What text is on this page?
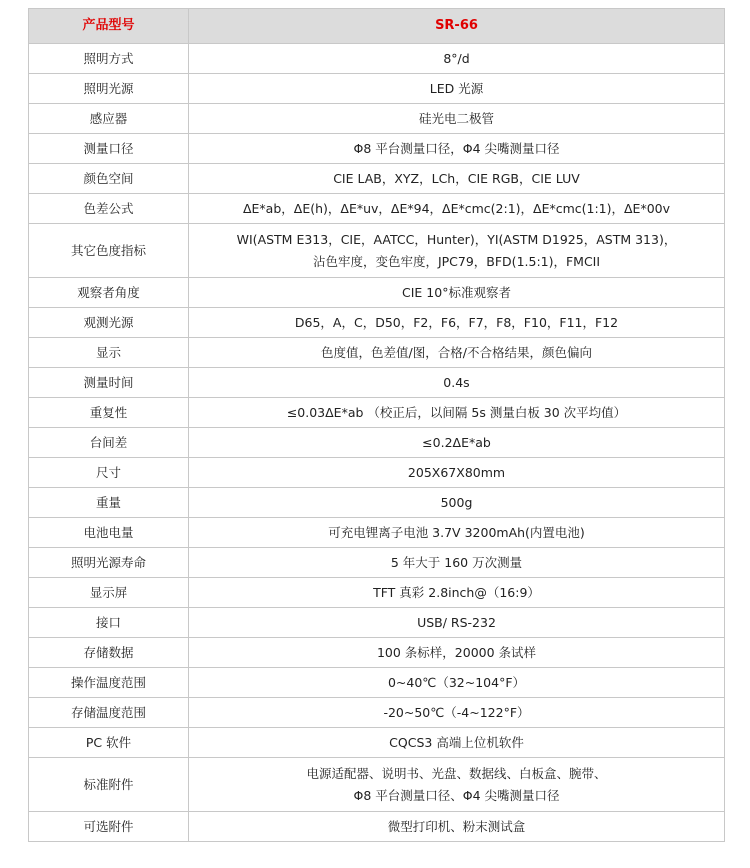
产品型号	SR-66
照明方式	8°/d

照明光源	LED 光源

感应器	硅光电二极管

测量口径	Φ8 平台测量口径，Φ4 尖嘴测量口径

颜色空间	CIE LAB，XYZ，LCh，CIE RGB，CIE LUV

色差公式	ΔE*ab，ΔE(h)，ΔE*uv，ΔE*94，ΔE*cmc(2:1)，ΔE*cmc(1:1)，ΔE*00v

其它色度指标	WI(ASTM E313，CIE，AATCC，Hunter)，YI(ASTM D1925，ASTM 313)，
沾色牢度，变色牢度，JPC79，BFD(1.5:1)，FMCII

观察者角度	CIE 10°标准观察者

观测光源	D65，A，C，D50，F2，F6，F7，F8，F10，F11，F12

显示	色度值，色差值/图，合格/不合格结果，颜色偏向

测量时间	0.4s

重复性	≤0.03ΔE*ab （校正后，以间隔 5s 测量白板 30 次平均值）

台间差	≤0.2ΔE*ab

尺寸	205X67X80mm

重量	500g

电池电量	可充电锂离子电池 3.7V 3200mAh(内置电池)

照明光源寿命	5 年大于 160 万次测量

显示屏	TFT 真彩 2.8inch@（16:9）

接口	USB/ RS-232

存储数据	100 条标样，20000 条试样

操作温度范围	0~40℃（32~104°F）

存储温度范围	-20~50℃（-4~122°F）

PC 软件	CQCS3 高端上位机软件

标准附件	电源适配器、说明书、光盘、数据线、白板盒、腕带、
Φ8 平台测量口径、Φ4 尖嘴测量口径

可选附件	微型打印机、粉末测试盒
